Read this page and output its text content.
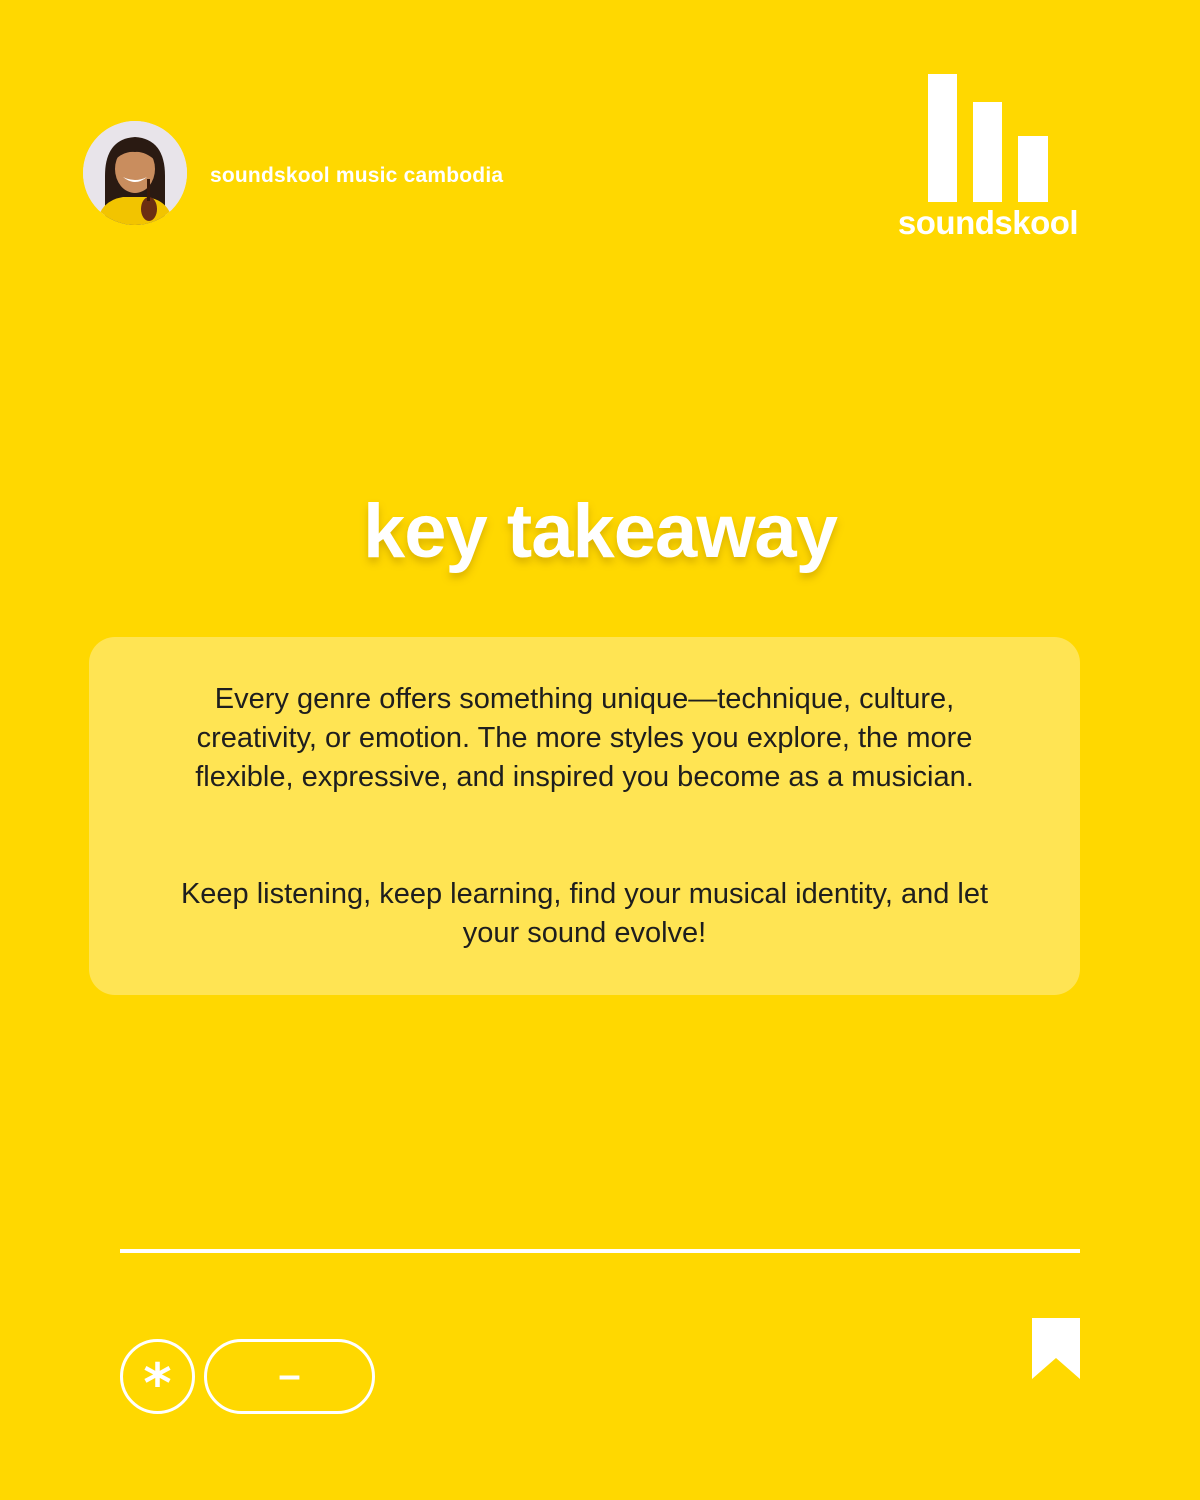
soundskool music cambodia
soundskool
key takeaway

Every genre offers something unique—technique, culture, creativity, or emotion. The more styles you explore, the more flexible, expressive, and inspired you become as a musician.

Keep listening, keep learning, find your musical identity, and let your sound evolve!

*	–
